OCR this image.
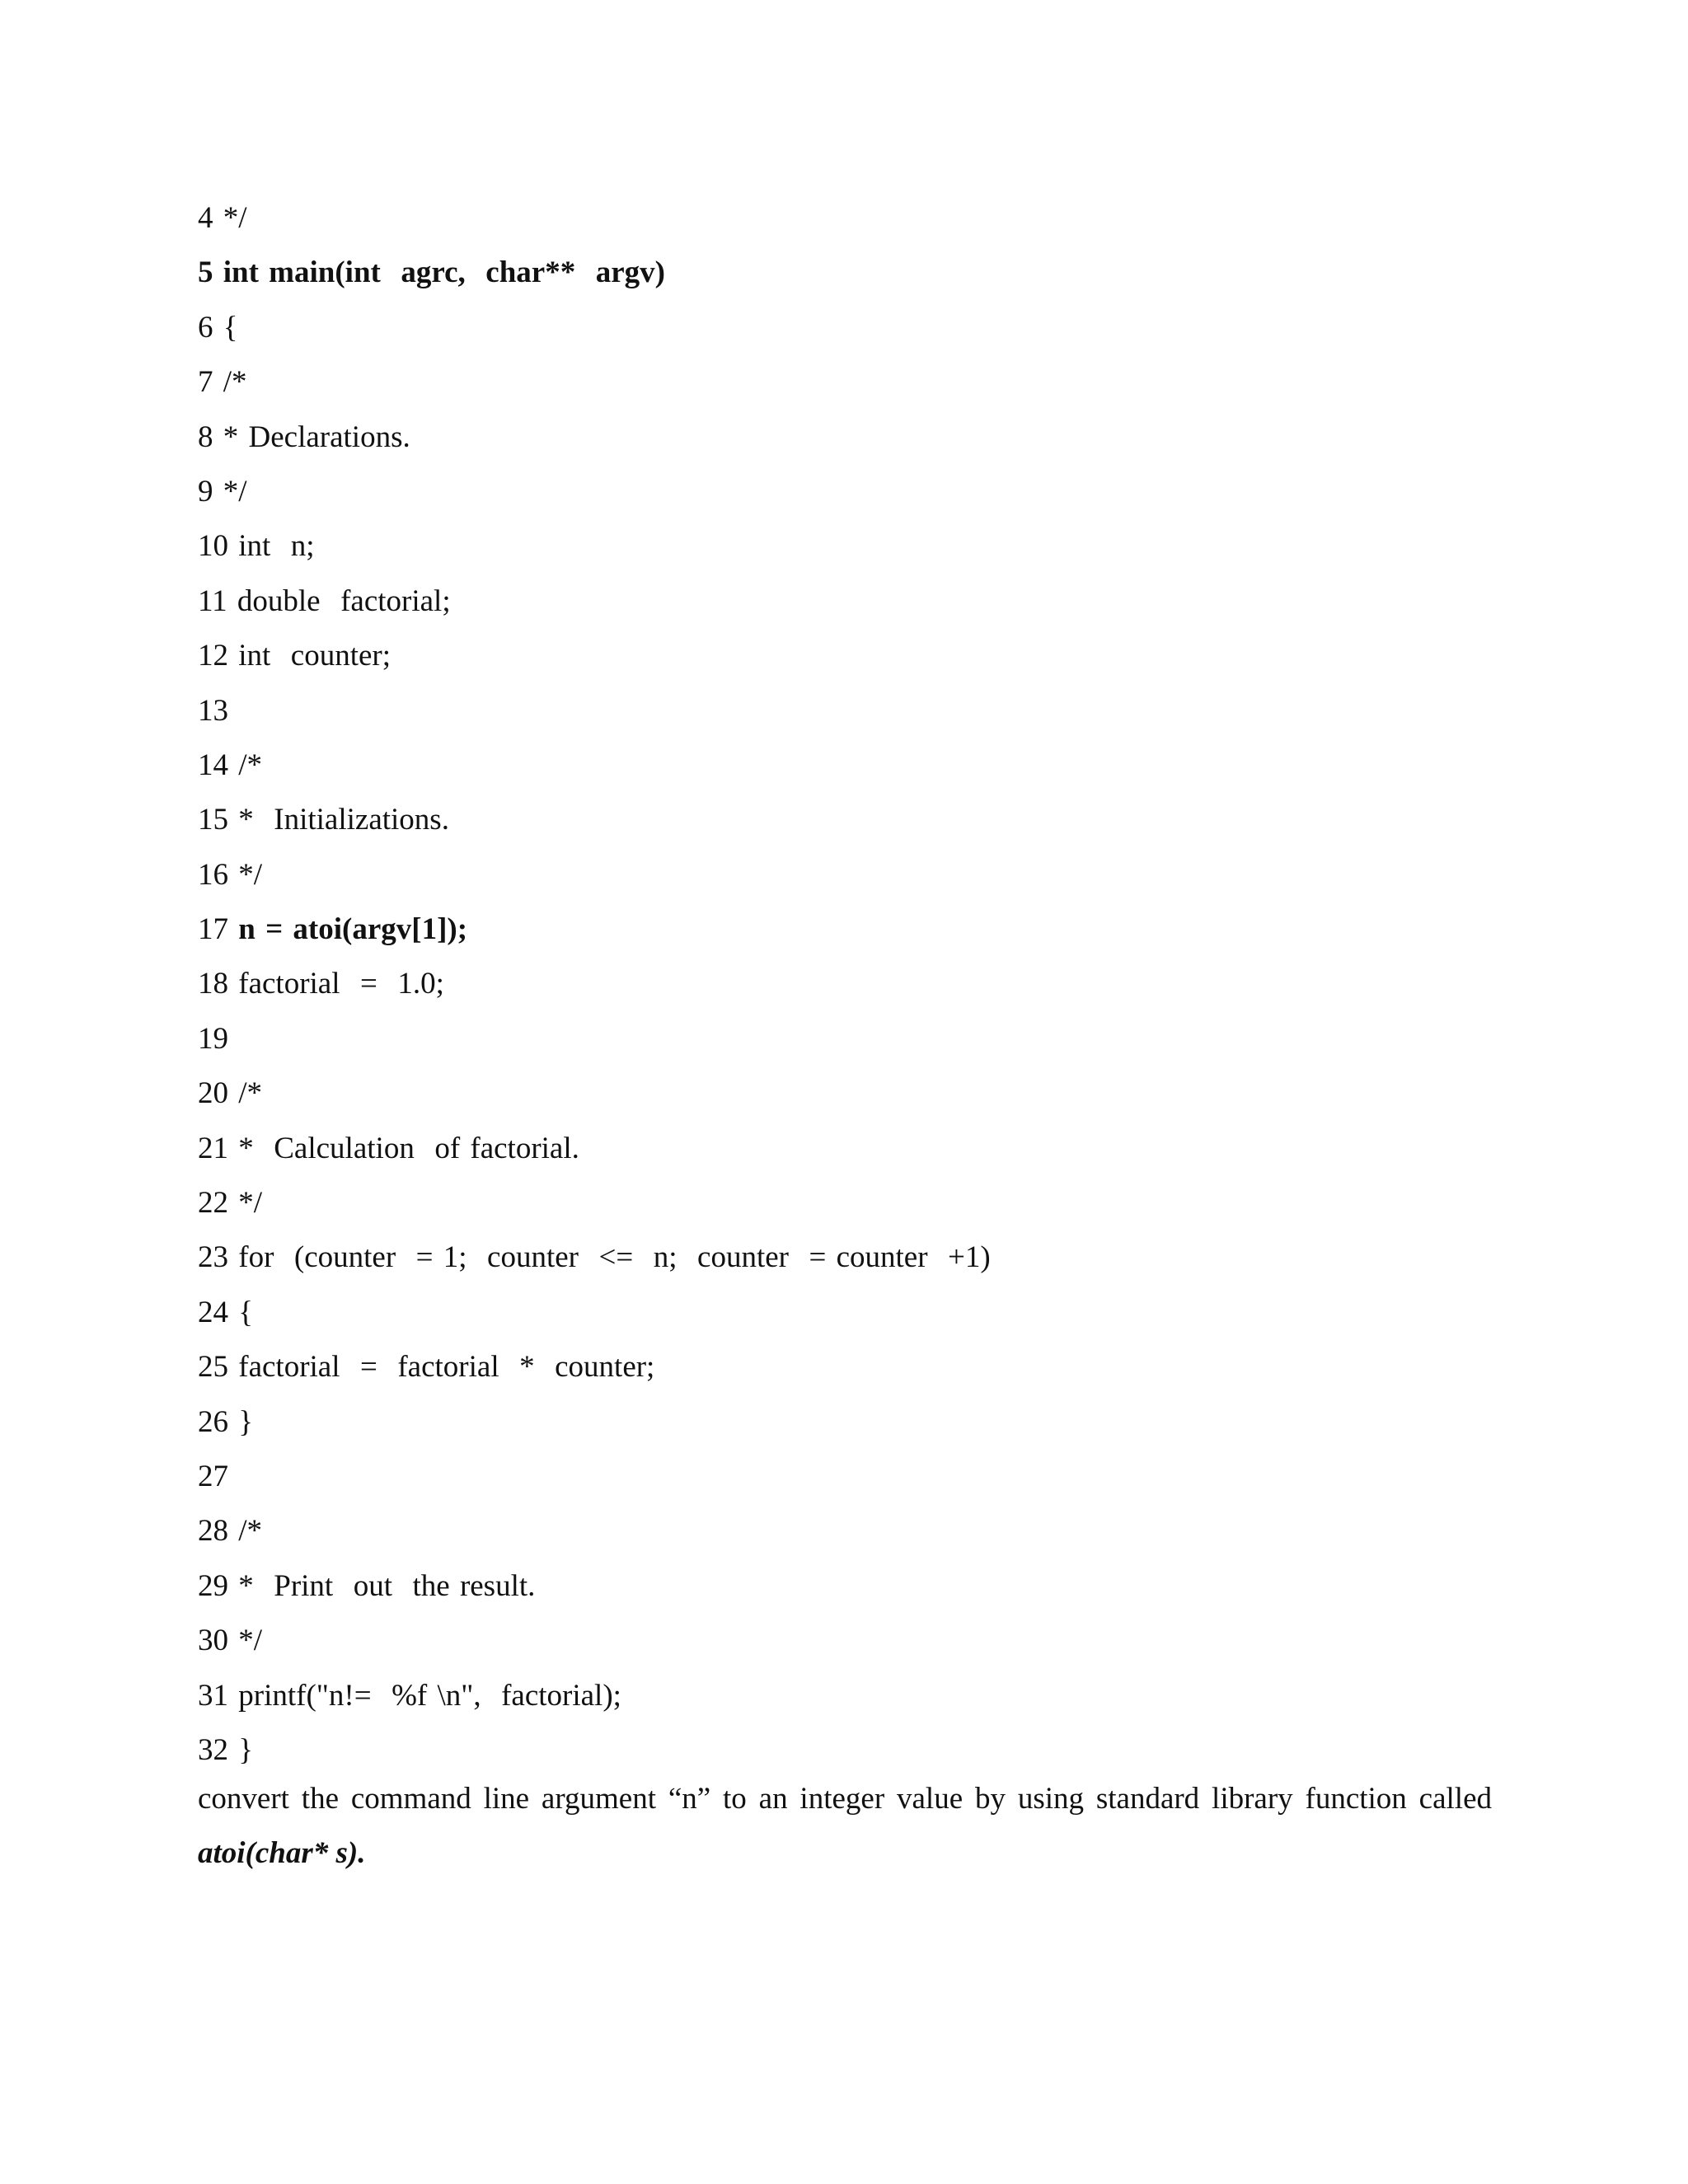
4 */
5 int main(int  agrc,  char**  argv)
6 {
7 /*
8 * Declarations.
9 */
10 int  n;
11 double  factorial;
12 int  counter;
13
14 /*
15 *  Initializations.
16 */
17 n = atoi(argv[1]);
18 factorial  =  1.0;
19
20 /*
21 *  Calculation  of factorial.
22 */
23 for  (counter  = 1;  counter  <=  n;  counter  = counter  +1)
24 {
25 factorial  =  factorial  *  counter;
26 }
27
28 /*
29 *  Print  out  the result.
30 */
31 printf("n!=  %f \n",  factorial);
32 }

convert the command line argument “n” to an integer value by using standard library function called

atoi(char* s).
